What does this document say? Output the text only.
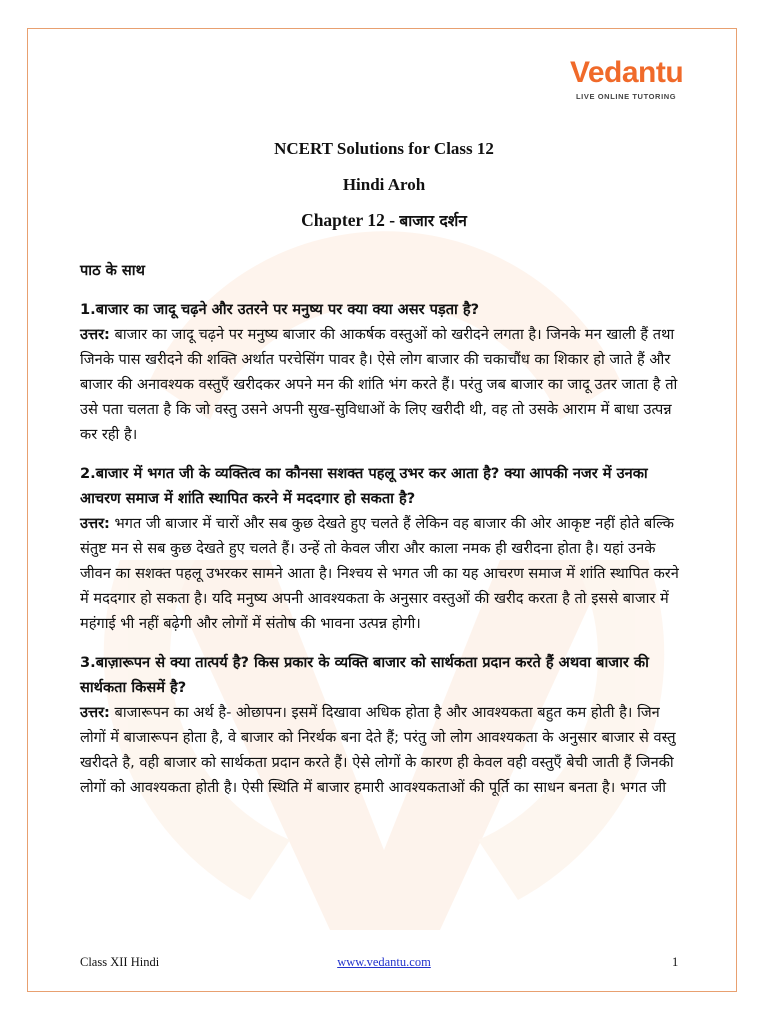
Vedantu
LIVE ONLINE TUTORING
NCERT Solutions for Class 12
Hindi Aroh
Chapter 12 - बाजार दर्शन

पाठ के साथ

1.बाजार का जादू चढ़ने और उतरने पर मनुष्य पर क्या क्या असर पड़ता है?

उत्तर: बाजार का जादू चढ़ने पर मनुष्य बाजार की आकर्षक वस्तुओं को खरीदने लगता है। जिनके मन खाली हैं तथा जिनके पास खरीदने की शक्ति अर्थात परचेसिंग पावर है। ऐसे लोग बाजार की चकाचौंध का शिकार हो जाते हैं और बाजार की अनावश्यक वस्तुएँ खरीदकर अपने मन की शांति भंग करते हैं। परंतु जब बाजार का जादू उतर जाता है तो उसे पता चलता है कि जो वस्तु उसने अपनी सुख-सुविधाओं के लिए खरीदी थी, वह तो उसके आराम में बाधा उत्पन्न कर रही है।

2.बाजार में भगत जी के व्यक्तित्व का कौनसा सशक्त पहलू उभर कर आता है? क्या आपकी नजर में उनका आचरण समाज में शांति स्थापित करने में मददगार हो सकता है?

उत्तर: भगत जी बाजार में चारों और सब कुछ देखते हुए चलते हैं लेकिन वह बाजार की ओर आकृष्ट नहीं होते बल्कि संतुष्ट मन से सब कुछ देखते हुए चलते हैं। उन्हें तो केवल जीरा और काला नमक ही खरीदना होता है। यहां उनके जीवन का सशक्त पहलू उभरकर सामने आता है। निश्चय से भगत जी का यह आचरण समाज में शांति स्थापित करने में मददगार हो सकता है। यदि मनुष्य अपनी आवश्यकता के अनुसार वस्तुओं की खरीद करता है तो इससे बाजार में महंगाई भी नहीं बढ़ेगी और लोगों में संतोष की भावना उत्पन्न होगी।

3.बाज़ारूपन से क्या तात्पर्य है? किस प्रकार के व्यक्ति बाजार को सार्थकता प्रदान करते हैं अथवा बाजार की सार्थकता किसमें है?

उत्तर: बाजारूपन का अर्थ है- ओछापन। इसमें दिखावा अधिक होता है और आवश्यकता बहुत कम होती है। जिन लोगों में बाजारूपन होता है, वे बाजार को निरर्थक बना देते हैं; परंतु जो लोग आवश्यकता के अनुसार बाजार से वस्तु खरीदते है, वही बाजार को सार्थकता प्रदान करते हैं। ऐसे लोगों के कारण ही केवल वही वस्तुएँ बेची जाती हैं जिनकी लोगों को आवश्यकता होती है। ऐसी स्थिति में बाजार हमारी आवश्यकताओं की पूर्ति का साधन बनता है। भगत जी

Class XII Hindi	www.vedantu.com	1
